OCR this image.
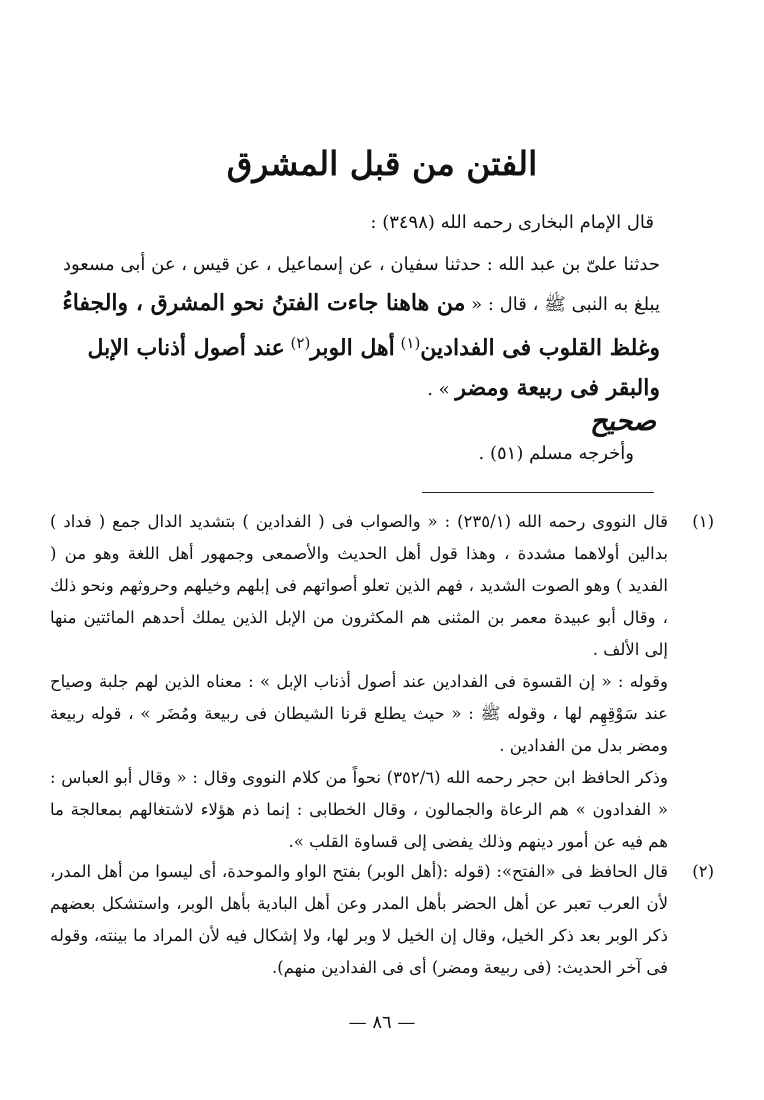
الفتن من قبل المشرق
قال الإمام البخارى رحمه الله (٣٤٩٨) :
حدثنا علىّ بن عبد الله : حدثنا سفيان ، عن إسماعيل ، عن قيس ، عن أبى مسعود يبلغ به النبى ﷺ ، قال : « من هاهنا جاءت الفتنُ نحو المشرق ، والجفاءُ وغلظ القلوب فى الفدادين$^{(١)}$ أهل الوبر$^{(٢)}$ عند أصول أذناب الإبل والبقر فى ربيعة ومضر » .
صحيح
وأخرجه مسلم (٥١) .
(١)
قال النووى رحمه الله (٢٣٥/١) : « والصواب فى ( الفدادين ) بتشديد الدال جمع ( فداد ) بدالين أولاهما مشددة ، وهذا قول أهل الحديث والأصمعى وجمهور أهل اللغة وهو من ( الفديد ) وهو الصوت الشديد ، فهم الذين تعلو أصواتهم فى إبلهم وخيلهم وحروثهم ونحو ذلك ، وقال أبو عبيدة معمر بن المثنى هم المكثرون من الإبل الذين يملك أحدهم المائتين منها إلى الألف .
وقوله : « إن القسوة فى الفدادين عند أصول أذناب الإبل » : معناه الذين لهم جلبة وصياح عند سَوْقِهِم لها ، وقوله ﷺ : « حيث يطلع قرنا الشيطان فى ربيعة ومُضَر » ، قوله ربيعة ومضر بدل من الفدادين .
وذكر الحافظ ابن حجر رحمه الله (٣٥٢/٦) نحواً من كلام النووى وقال : « وقال أبو العباس : « الفدادون » هم الرعاة والجمالون ، وقال الخطابى : إنما ذم هؤلاء لاشتغالهم بمعالجة ما هم فيه عن أمور دينهم وذلك يفضى إلى قساوة القلب ».
(٢)
قال الحافظ فى «الفتح»: (قوله :(أهل الوبر) بفتح الواو والموحدة، أى ليسوا من أهل المدر، لأن العرب تعبر عن أهل الحضر بأهل المدر وعن أهل البادية بأهل الوبر، واستشكل بعضهم ذكر الوبر بعد ذكر الخيل، وقال إن الخيل لا وبر لها، ولا إشكال فيه لأن المراد ما بينته، وقوله فى آخر الحديث: (فى ربيعة ومضر) أى فى الفدادين منهم).
— ٨٦ —
